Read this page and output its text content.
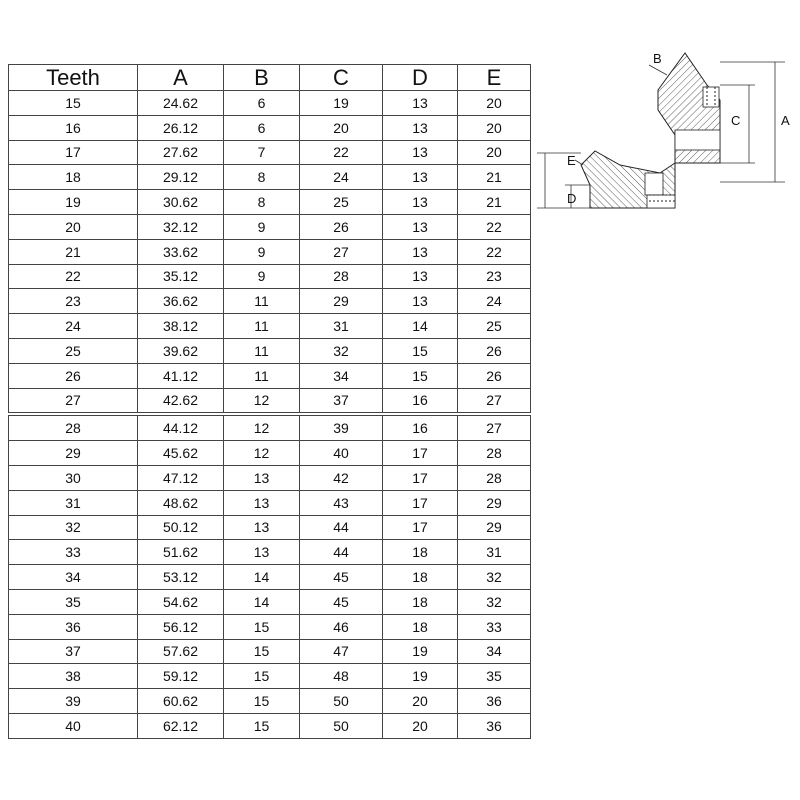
Teeth	A	B	C	D	E
15	24.62	6	19	13	20
16	26.12	6	20	13	20
17	27.62	7	22	13	20
18	29.12	8	24	13	21
19	30.62	8	25	13	21
20	32.12	9	26	13	22
21	33.62	9	27	13	22
22	35.12	9	28	13	23
23	36.62	11	29	13	24
24	38.12	11	31	14	25
25	39.62	11	32	15	26
26	41.12	11	34	15	26
27	42.62	12	37	16	27
28	44.12	12	39	16	27
29	45.62	12	40	17	28
30	47.12	13	42	17	28
31	48.62	13	43	17	29
32	50.12	13	44	17	29
33	51.62	13	44	18	31
34	53.12	14	45	18	32
35	54.62	14	45	18	32
36	56.12	15	46	18	33
37	57.62	15	47	19	34
38	59.12	15	48	19	35
39	60.62	15	50	20	36
40	62.12	15	50	20	36
B
C	A
E
D
